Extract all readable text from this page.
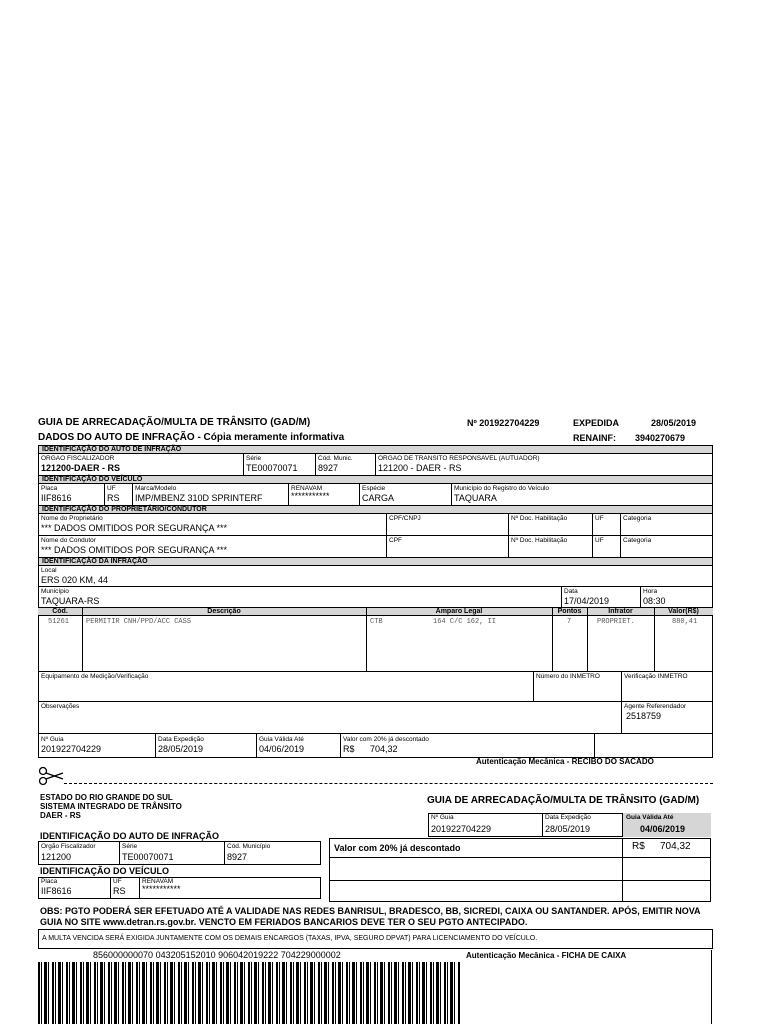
GUIA DE ARRECADAÇÃO/MULTA DE TRÂNSITO (GAD/M)	Nº 201922704229	EXPEDIDA	28/05/2019
DADOS DO AUTO DE INFRAÇÃO - Cópia meramente informativa	RENAINF: 3940270679
IDENTIFICAÇÃO DO AUTO DE INFRAÇÃO
ORGAO FISCALIZADOR
121200-DAER - RS
Série
TE00070071
Cód. Munic.
8927
ORGAO DE TRANSITO RESPONSAVEL (AUTUADOR)
121200 - DAER - RS
IDENTIFICAÇÃO DO VEÍCULO
Placa
IIF8616
UF
RS
Marca/Modelo
IMP/MBENZ 310D SPRINTERF
RENAVAM
***********
Espécie
CARGA
Município do Registro do Veículo
TAQUARA
IDENTIFICAÇÃO DO PROPRIETÁRIO/CONDUTOR
Nome do Proprietário
*** DADOS OMITIDOS POR SEGURANÇA ***
CPF/CNPJ	Nº Doc. Habilitação	UF	Categoria
Nome do Condutor
*** DADOS OMITIDOS POR SEGURANÇA ***
CPF	Nº Doc. Habilitação	UF	Categoria
IDENTIFICAÇÃO DA INFRAÇÃO
Local
ERS 020 KM, 44
Município
TAQUARA-RS
Data
17/04/2019
Hora
08:30
Cód.	Descrição	Amparo Legal	Pontos	Infrator	Valor(R$)
51261 PERMITIR CNH/PPD/ACC CASS	CTB	164 C/C 162, II	7	PROPRIET.	880,41
Equipamento de Medição/Verificação	Número do INMETRO	Verificação INMETRO
Observações	Agente Referendador
2518759
Nº Guia
201922704229
Data Expedição
28/05/2019
Guia Válida Até
04/06/2019
Valor com 20% já descontado
R$ 704,32
Autenticação Mecânica - RECIBO DO SACADO
ESTADO DO RIO GRANDE DO SUL
SISTEMA INTEGRADO DE TRÂNSITO
DAER - RS
GUIA DE ARRECADAÇÃO/MULTA DE TRÂNSITO (GAD/M)
Nº Guia
201922704229
Data Expedição
28/05/2019
Guia Válida Até
04/06/2019
IDENTIFICAÇÃO DO AUTO DE INFRAÇÃO
Orgão Fiscalizador
121200
Série
TE00070071
Cód. Município
8927
Valor com 20% já descontado	R$ 704,32
IDENTIFICAÇÃO DO VEÍCULO
Placa
IIF8616
UF
RS
RENAVAM
***********
OBS: PGTO PODERÁ SER EFETUADO ATÉ A VALIDADE NAS REDES BANRISUL, BRADESCO, BB, SICREDI, CAIXA OU SANTANDER. APÓS, EMITIR NOVA GUIA NO SITE www.detran.rs.gov.br. VENCTO EM FERIADOS BANCARIOS DEVE TER O SEU PGTO ANTECIPADO.
A MULTA VENCIDA SERÁ EXIGIDA JUNTAMENTE COM OS DEMAIS ENCARGOS (TAXAS, IPVA, SEGURO DPVAT) PARA LICENCIAMENTO DO VEÍCULO.
856000000070 043205152010 906042019222 704229000002	Autenticação Mecânica - FICHA DE CAIXA
